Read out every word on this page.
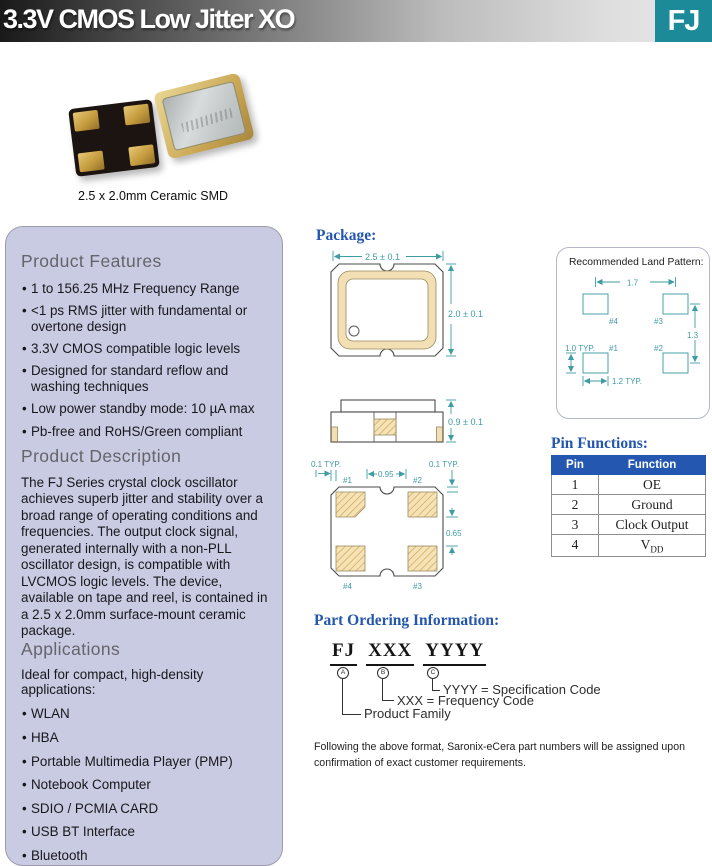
3.3V CMOS Low Jitter XO	FJ
2.5 x 2.0mm Ceramic SMD
Product Features
• 1 to 156.25 MHz Frequency Range
• <1 ps RMS jitter with fundamental or overtone design
• 3.3V CMOS compatible logic levels
• Designed for standard reflow and washing techniques
• Low power standby mode: 10 µA max
• Pb-free and RoHS/Green compliant
Product Description

The FJ Series crystal clock oscillator achieves superb jitter and stability over a broad range of operating conditions and frequencies. The output clock signal, generated internally with a non-PLL oscillator design, is compatible with LVCMOS logic levels. The device, available on tape and reel, is contained in a 2.5 x 2.0mm surface-mount ceramic package.

Applications
Ideal for compact, high-density applications:
• WLAN
• HBA
• Portable Multimedia Player (PMP)
• Notebook Computer
• SDIO / PCMIA CARD
• USB BT Interface
• Bluetooth
Package:
2.5 ± 0.1
2.0 ± 0.1
0.9 ± 0.1
#1	#2
#3
#4
0.1 TYP.
0.95
0.1 TYP.
0.65
Recommended Land Pattern:
#4	#3
#1	#2
1.7
1.3
1.0 TYP.
1.2 TYP.
Pin Functions:
Pin	Function
1	OE
2	Ground
3	Clock Output
4	$V_{DD}$
Part Ordering Information:
FJ XXX YYYY
A	B	C
YYYY = Specification Code
XXX = Frequency Code
Product Family
Following the above format, Saronix-eCera part numbers will be assigned upon
confirmation of exact customer requirements.
